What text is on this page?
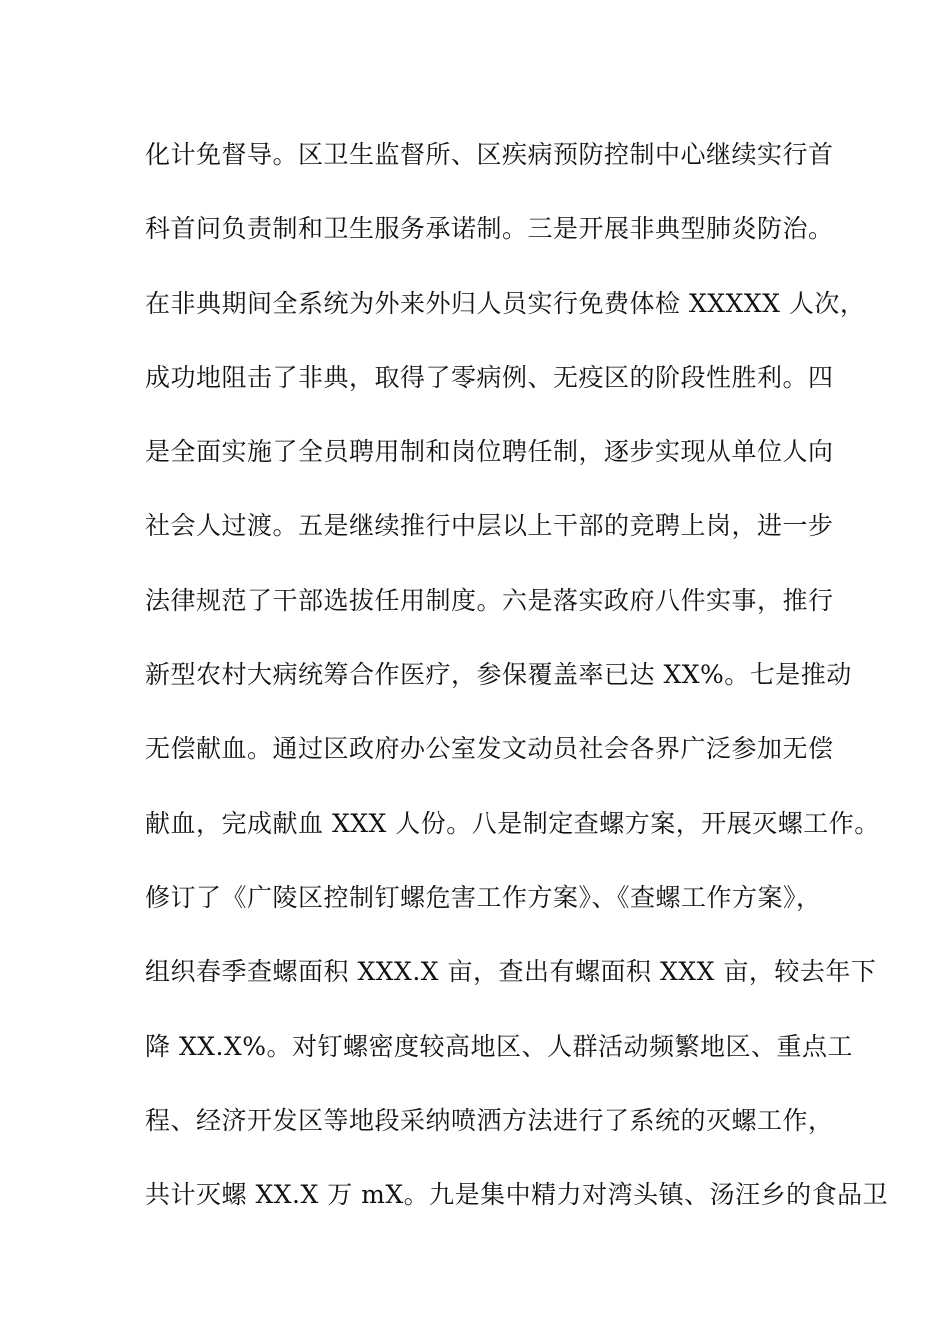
化计免督导。区卫生监督所、区疾病预防控制中心继续实行首
科首问负责制和卫生服务承诺制。三是开展非典型肺炎防治。
在非典期间全系统为外来外归人员实行免费体检 XXXXX 人次，
成功地阻击了非典，取得了零病例、无疫区的阶段性胜利。四
是全面实施了全员聘用制和岗位聘任制，逐步实现从单位人向
社会人过渡。五是继续推行中层以上干部的竞聘上岗，进一步
法律规范了干部选拔任用制度。六是落实政府八件实事，推行
新型农村大病统筹合作医疗，参保覆盖率已达 XX%。七是推动
无偿献血。通过区政府办公室发文动员社会各界广泛参加无偿
献血，完成献血 XXX 人份。八是制定查螺方案，开展灭螺工作。
修订了《广陵区控制钉螺危害工作方案》、《查螺工作方案》，
组织春季查螺面积 XXX.X 亩，查出有螺面积 XXX 亩，较去年下
降 XX.X%。对钉螺密度较高地区、人群活动频繁地区、重点工
程、经济开发区等地段采纳喷洒方法进行了系统的灭螺工作，
共计灭螺 XX.X 万 mX。九是集中精力对湾头镇、汤汪乡的食品卫
